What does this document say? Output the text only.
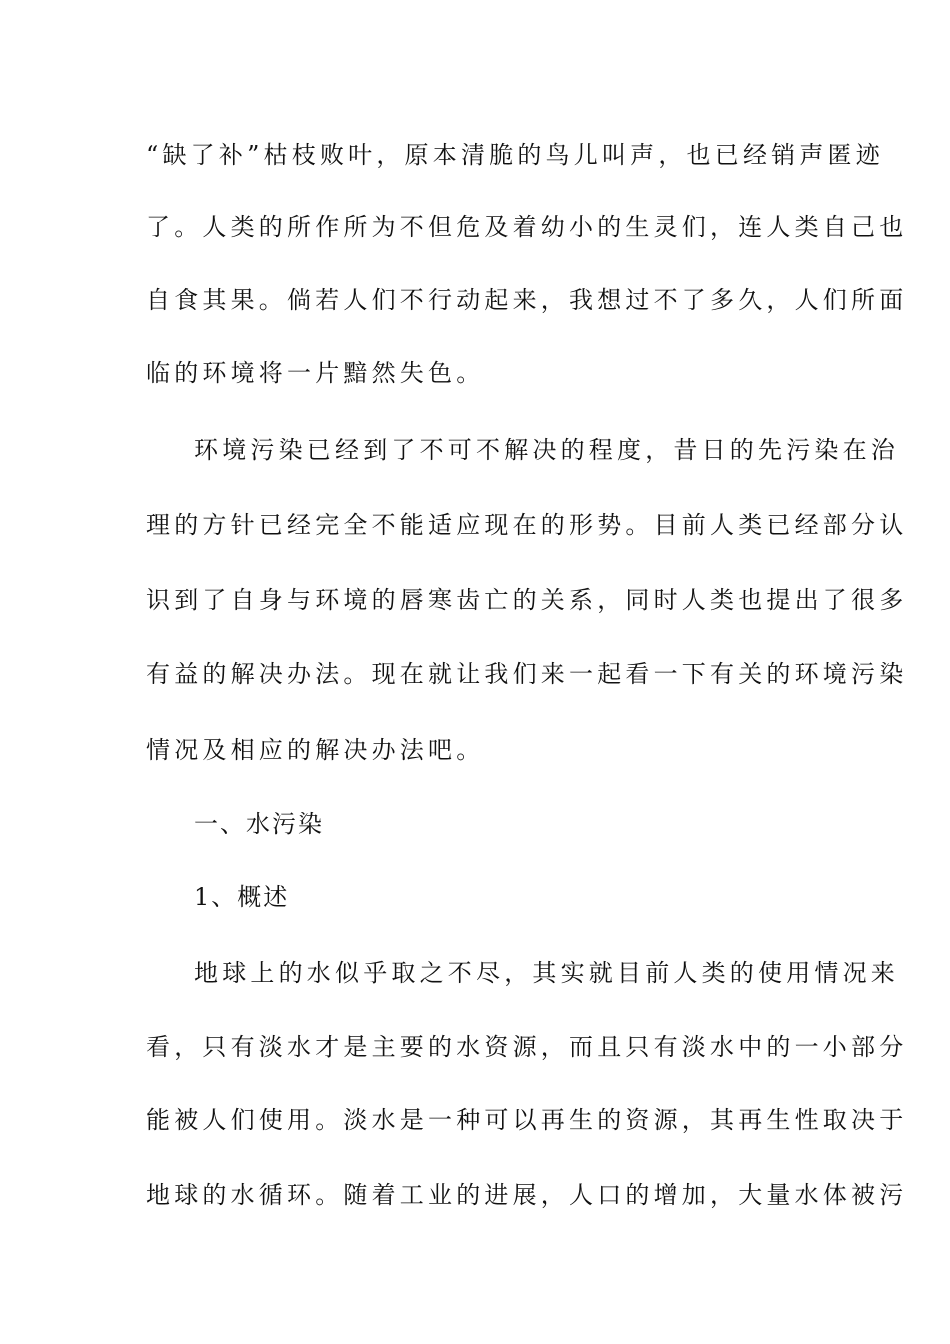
“缺了补”枯枝败叶，原本清脆的鸟儿叫声，也已经销声匿迹
了。人类的所作所为不但危及着幼小的生灵们，连人类自己也
自食其果。倘若人们不行动起来，我想过不了多久，人们所面
临的环境将一片黯然失色。
环境污染已经到了不可不解决的程度，昔日的先污染在治
理的方针已经完全不能适应现在的形势。目前人类已经部分认
识到了自身与环境的唇寒齿亡的关系，同时人类也提出了很多
有益的解决办法。现在就让我们来一起看一下有关的环境污染
情况及相应的解决办法吧。
一、水污染
1、概述
地球上的水似乎取之不尽，其实就目前人类的使用情况来
看，只有淡水才是主要的水资源，而且只有淡水中的一小部分
能被人们使用。淡水是一种可以再生的资源，其再生性取决于
地球的水循环。随着工业的进展，人口的增加，大量水体被污
